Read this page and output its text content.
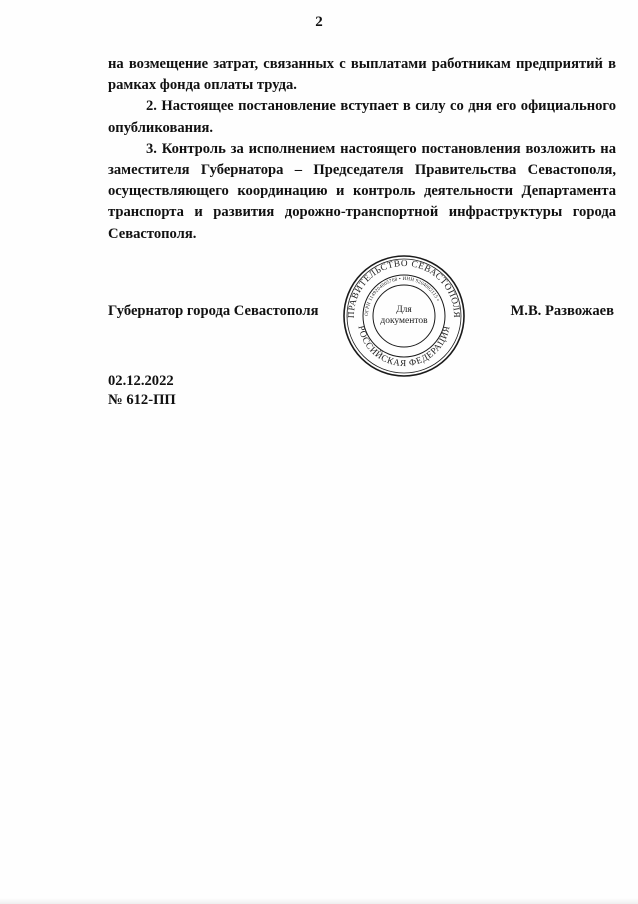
2

на возмещение затрат, связанных с выплатами работникам предприятий в рамках фонда оплаты труда.

2. Настоящее постановление вступает в силу со дня его официального опубликования.

3. Контроль за исполнением настоящего постановления возложить на заместителя Губернатора – Председателя Правительства Севастополя, осуществляющего координацию и контроль деятельности Департамента транспорта и развития дорожно-транспортной инфраструктуры города Севастополя.

Губернатор города Севастополя	М.В. Развожаев
ПРАВИТЕЛЬСТВО СЕВАСТОПОЛЯ
РОССИЙСКАЯ ФЕДЕРАЦИЯ
ОГРН 1149204005768 • ИНН 9204002115 •
Для
документов
02.12.2022
№ 612-ПП
